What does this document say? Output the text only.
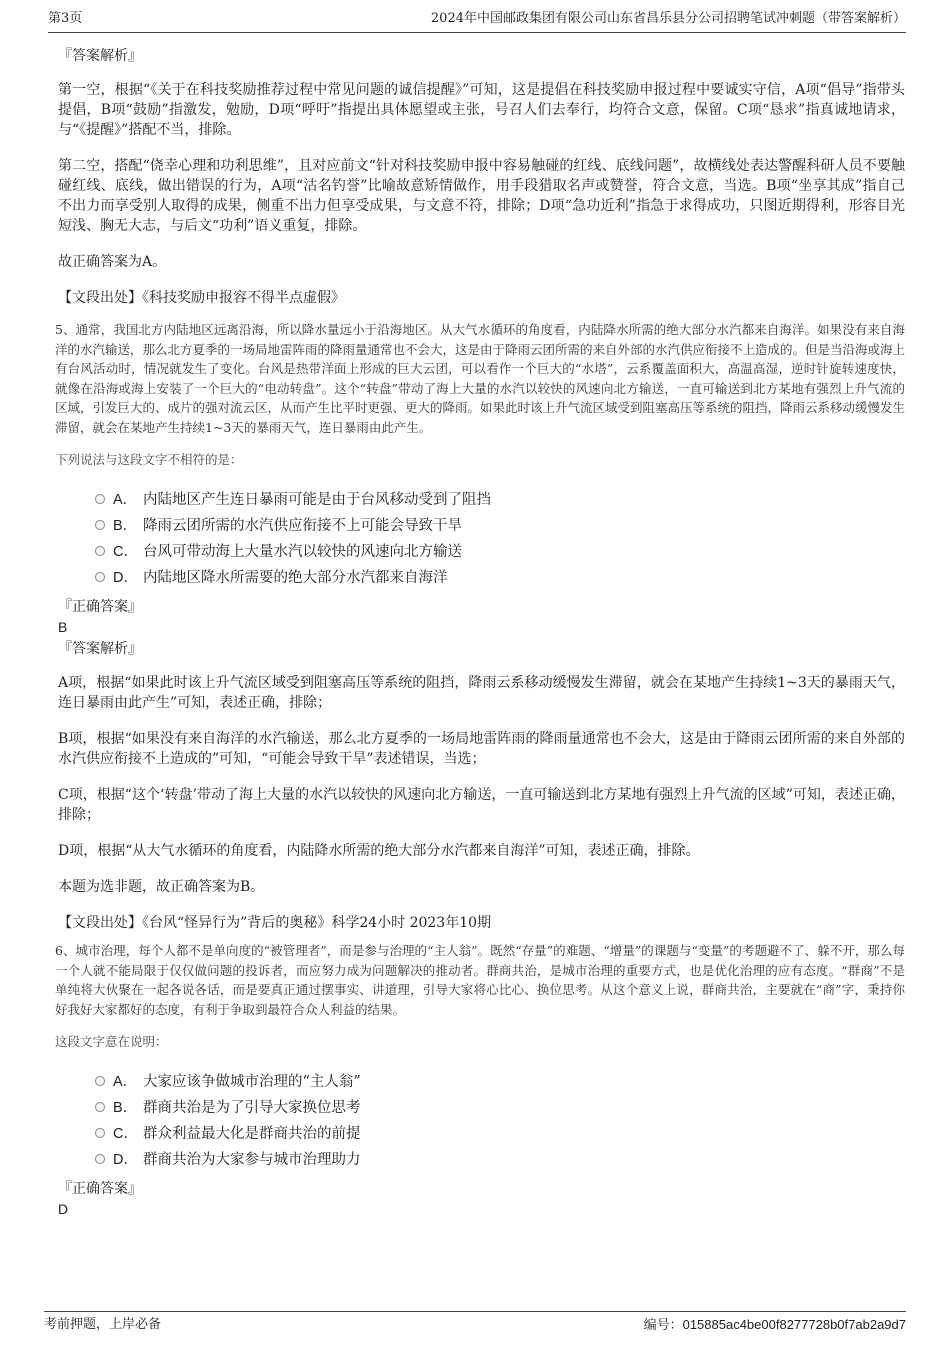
第3页	2024年中国邮政集团有限公司山东省昌乐县分公司招聘笔试冲刺题（带答案解析）
『答案解析』

第一空，根据“《关于在科技奖励推荐过程中常见问题的诚信提醒》”可知，这是提倡在科技奖励申报过程中要诚实守信，A项“倡导”指带头提倡，B项“鼓励”指激发，勉励，D项“呼吁”指提出具体愿望或主张，号召人们去奉行，均符合文意，保留。C项“恳求”指真诚地请求，与“《提醒》”搭配不当，排除。

第二空，搭配“侥幸心理和功利思维”，且对应前文“针对科技奖励申报中容易触碰的红线、底线问题”，故横线处表达警醒科研人员不要触碰红线、底线，做出错误的行为，A项“沽名钓誉”比喻故意矫情做作，用手段猎取名声或赞誉，符合文意，当选。B项“坐享其成”指自己不出力而享受别人取得的成果，侧重不出力但享受成果，与文意不符，排除；D项“急功近利”指急于求得成功，只图近期得利，形容目光短浅、胸无大志，与后文“功利”语义重复，排除。

故正确答案为A。

【文段出处】《科技奖励申报容不得半点虚假》

5、通常，我国北方内陆地区远离沿海，所以降水量远小于沿海地区。从大气水循环的角度看，内陆降水所需的绝大部分水汽都来自海洋。如果没有来自海洋的水汽输送，那么北方夏季的一场局地雷阵雨的降雨量通常也不会大，这是由于降雨云团所需的来自外部的水汽供应衔接不上造成的。但是当沿海或海上有台风活动时，情况就发生了变化。台风是热带洋面上形成的巨大云团，可以看作一个巨大的“水塔”，云系覆盖面积大，高温高湿，逆时针旋转速度快，就像在沿海或海上安装了一个巨大的“电动转盘”。这个“转盘”带动了海上大量的水汽以较快的风速向北方输送，一直可输送到北方某地有强烈上升气流的区域，引发巨大的、成片的强对流云区，从而产生比平时更强、更大的降雨。如果此时该上升气流区域受到阻塞高压等系统的阻挡，降雨云系移动缓慢发生滞留，就会在某地产生持续1~3天的暴雨天气，连日暴雨由此产生。

下列说法与这段文字不相符的是：

A． 内陆地区产生连日暴雨可能是由于台风移动受到了阻挡
B． 降雨云团所需的水汽供应衔接不上可能会导致干旱
C． 台风可带动海上大量水汽以较快的风速向北方输送
D． 内陆地区降水所需要的绝大部分水汽都来自海洋
『正确答案』
B
『答案解析』

A项，根据“如果此时该上升气流区域受到阻塞高压等系统的阻挡，降雨云系移动缓慢发生滞留，就会在某地产生持续1~3天的暴雨天气，连日暴雨由此产生”可知，表述正确，排除；

B项，根据“如果没有来自海洋的水汽输送，那么北方夏季的一场局地雷阵雨的降雨量通常也不会大，这是由于降雨云团所需的来自外部的水汽供应衔接不上造成的”可知，“可能会导致干旱”表述错误，当选；

C项，根据“这个‘转盘’带动了海上大量的水汽以较快的风速向北方输送，一直可输送到北方某地有强烈上升气流的区域”可知，表述正确，排除；

D项，根据“从大气水循环的角度看，内陆降水所需的绝大部分水汽都来自海洋”可知，表述正确，排除。

本题为选非题，故正确答案为B。

【文段出处】《台风“怪异行为”背后的奥秘》科学24小时 2023年10期

6、城市治理，每个人都不是单向度的“被管理者”，而是参与治理的“主人翁”。既然“存量”的难题、“增量”的课题与“变量”的考题避不了、躲不开，那么每一个人就不能局限于仅仅做问题的投诉者，而应努力成为问题解决的推动者。群商共治，是城市治理的重要方式，也是优化治理的应有态度。“群商”不是单纯将大伙聚在一起各说各话，而是要真正通过摆事实、讲道理，引导大家将心比心、换位思考。从这个意义上说，群商共治，主要就在“商”字，秉持你好我好大家都好的态度，有利于争取到最符合众人利益的结果。

这段文字意在说明：

A． 大家应该争做城市治理的“主人翁”
B． 群商共治是为了引导大家换位思考
C． 群众利益最大化是群商共治的前提
D． 群商共治为大家参与城市治理助力
『正确答案』
D
考前押题，上岸必备	编号：015885ac4be00f8277728b0f7ab2a9d7
